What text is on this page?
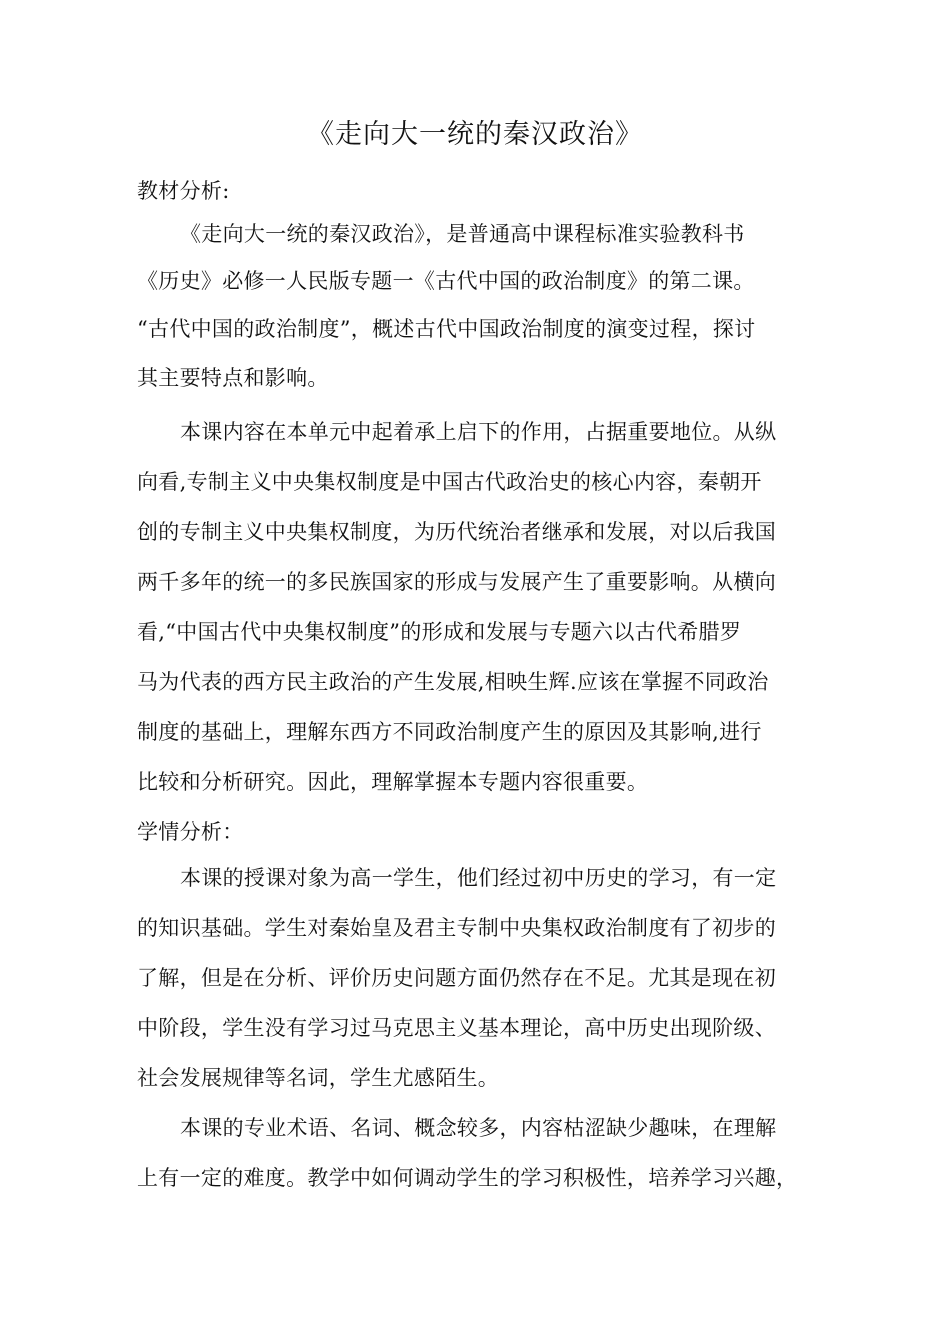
《走向大一统的秦汉政治》
教材分析:
《走向大一统的秦汉政治》，是普通高中课程标准实验教科书
《历史》必修一人民版专题一《古代中国的政治制度》的第二课。
“古代中国的政治制度”，概述古代中国政治制度的演变过程，探讨
其主要特点和影响。
本课内容在本单元中起着承上启下的作用，占据重要地位。从纵
向看,专制主义中央集权制度是中国古代政治史的核心内容，秦朝开
创的专制主义中央集权制度，为历代统治者继承和发展，对以后我国
两千多年的统一的多民族国家的形成与发展产生了重要影响。从横向
看,“中国古代中央集权制度”的形成和发展与专题六以古代希腊罗
马为代表的西方民主政治的产生发展,相映生辉.应该在掌握不同政治
制度的基础上，理解东西方不同政治制度产生的原因及其影响,进行
比较和分析研究。因此，理解掌握本专题内容很重要。
学情分析：
本课的授课对象为高一学生，他们经过初中历史的学习，有一定
的知识基础。学生对秦始皇及君主专制中央集权政治制度有了初步的
了解，但是在分析、评价历史问题方面仍然存在不足。尤其是现在初
中阶段，学生没有学习过马克思主义基本理论，高中历史出现阶级、
社会发展规律等名词，学生尤感陌生。
本课的专业术语、名词、概念较多，内容枯涩缺少趣味，在理解
上有一定的难度。教学中如何调动学生的学习积极性，培养学习兴趣，
